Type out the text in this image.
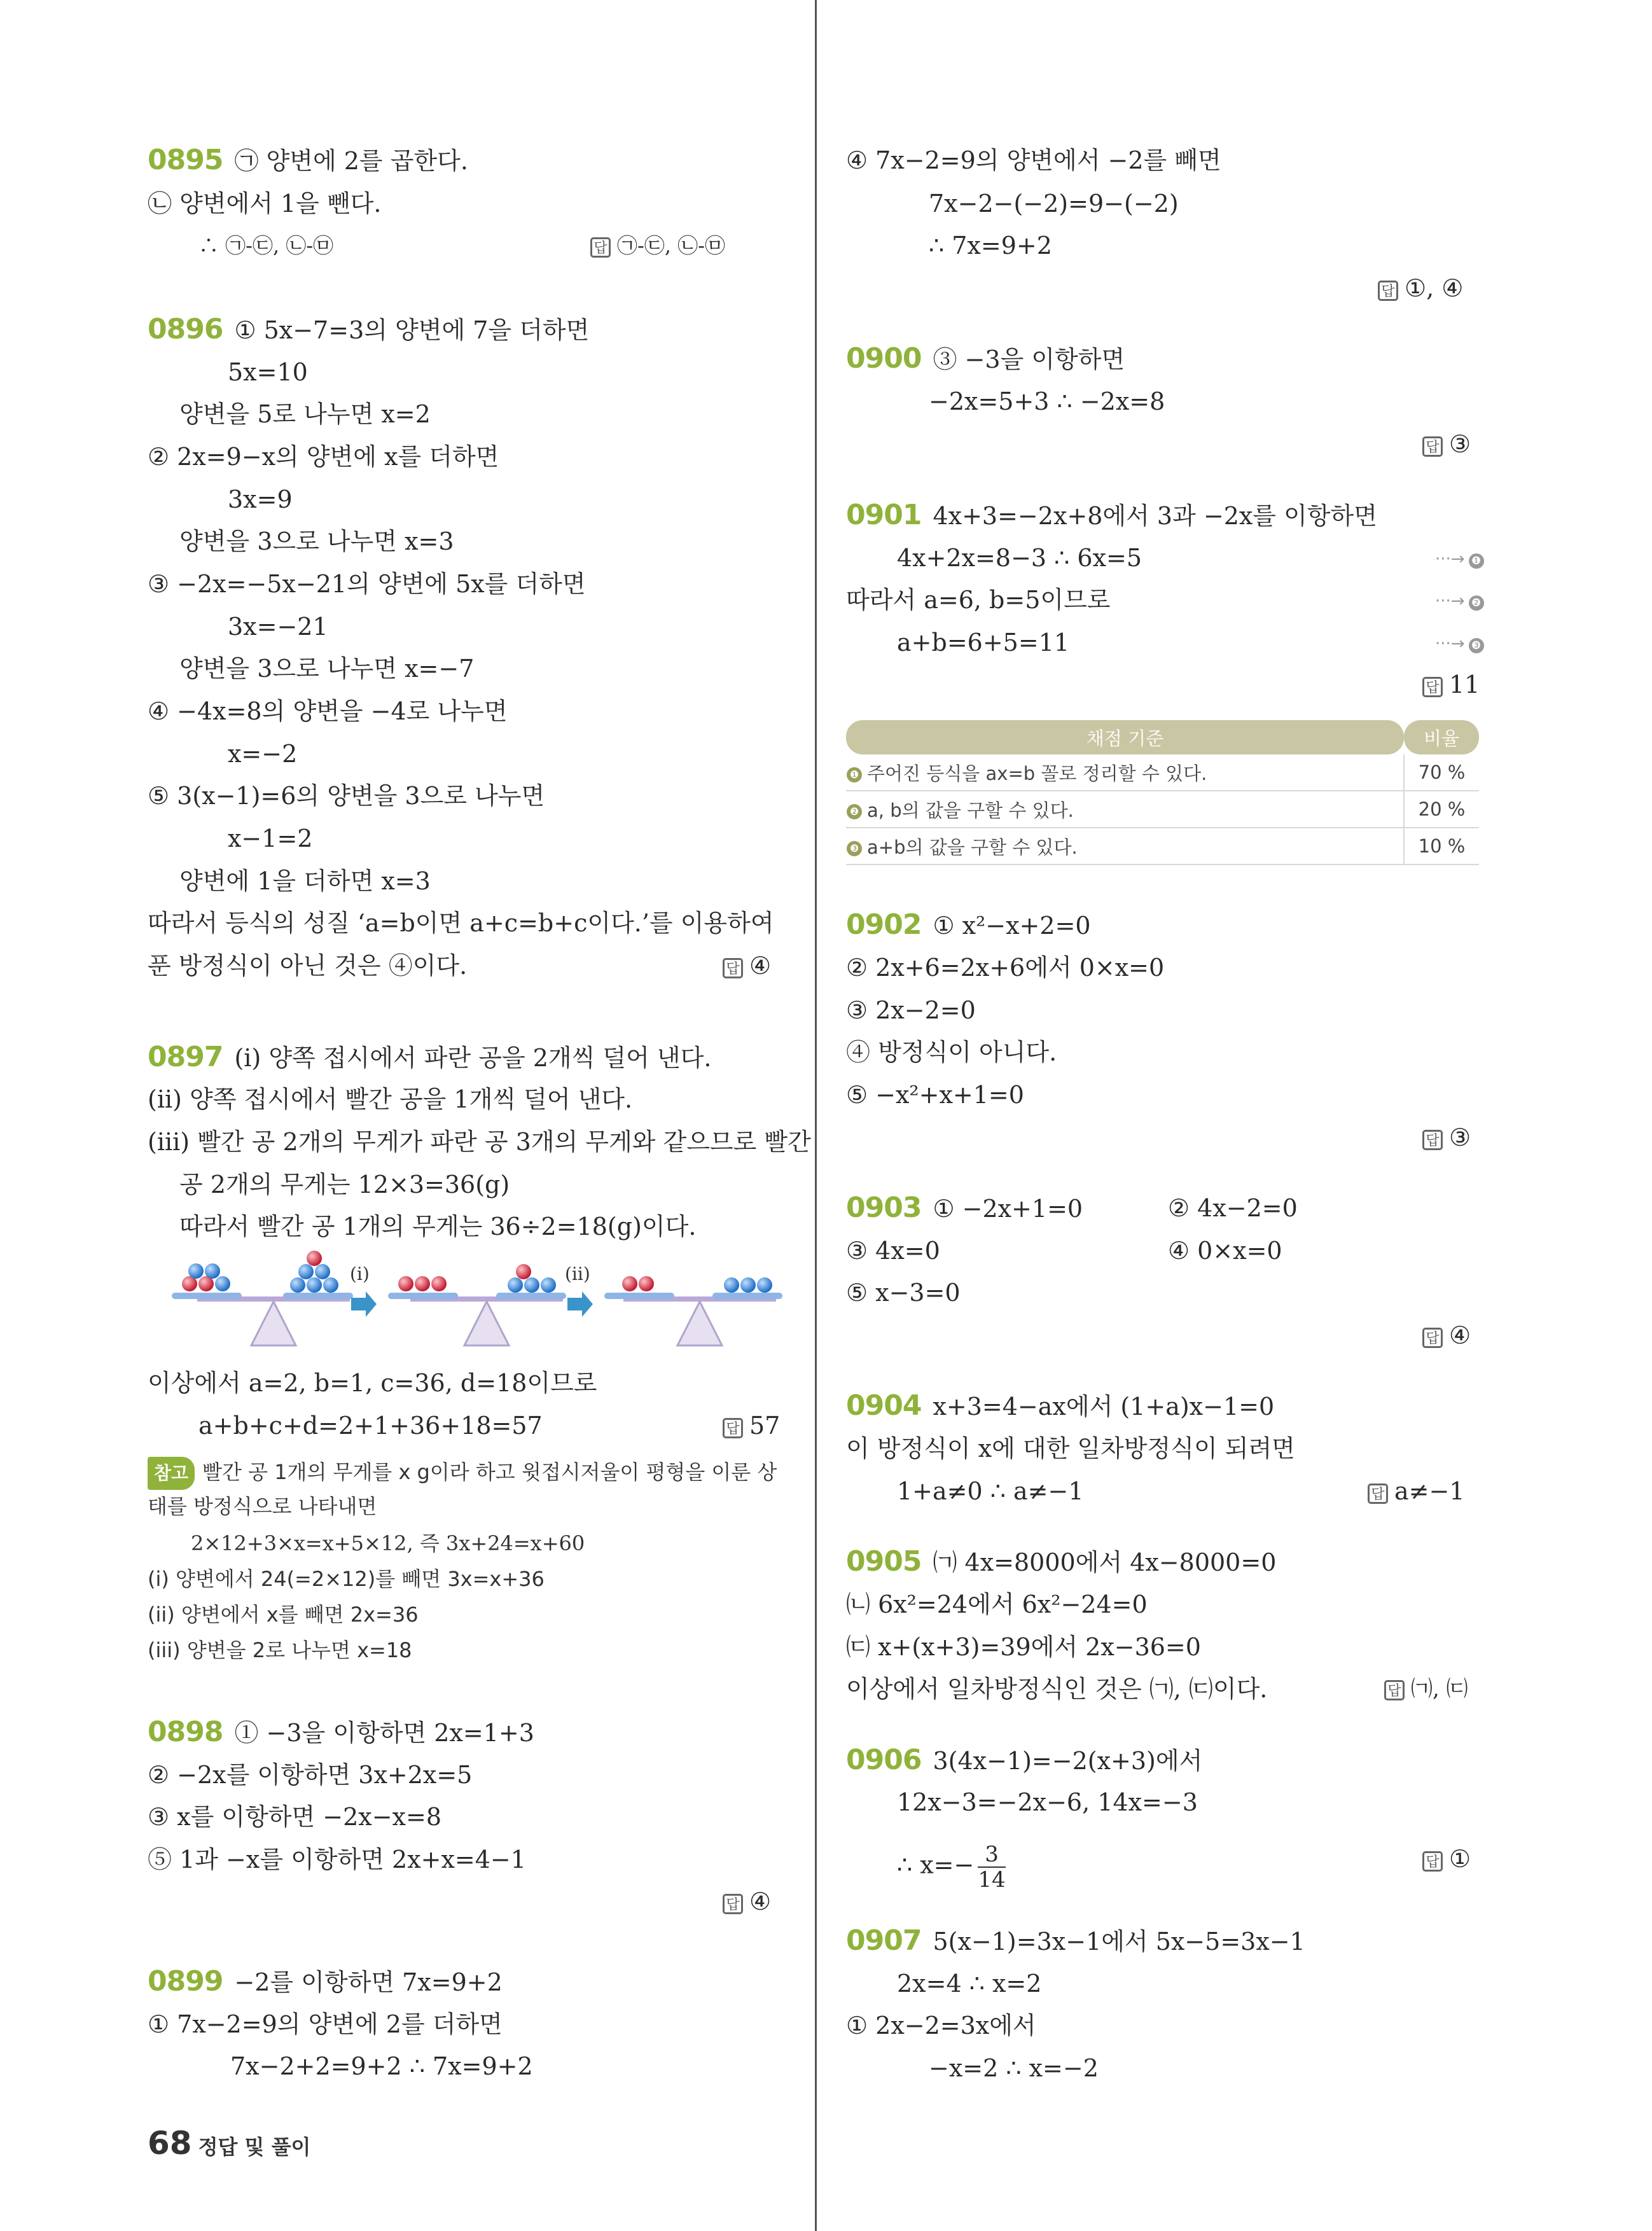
0895 ㉠ 양변에 2를 곱한다.
㉡ 양변에서 1을 뺀다.
∴ ㉠-㉢, ㉡-㉤	답 ㉠-㉢, ㉡-㉤
0896 ① 5x−7=3의 양변에 7을 더하면
5x=10
양변을 5로 나누면 x=2
② 2x=9−x의 양변에 x를 더하면
3x=9
양변을 3으로 나누면 x=3
③ −2x=−5x−21의 양변에 5x를 더하면
3x=−21
양변을 3으로 나누면 x=−7
④ −4x=8의 양변을 −4로 나누면
x=−2
⑤ 3(x−1)=6의 양변을 3으로 나누면
x−1=2
양변에 1을 더하면 x=3
따라서 등식의 성질 ‘a=b이면 a+c=b+c이다.’를 이용하여
푼 방정식이 아닌 것은 ④이다.	답 ④
0897 (i) 양쪽 접시에서 파란 공을 2개씩 덜어 낸다.
(ii) 양쪽 접시에서 빨간 공을 1개씩 덜어 낸다.
(iii) 빨간 공 2개의 무게가 파란 공 3개의 무게와 같으므로 빨간
공 2개의 무게는 12×3=36(g)
따라서 빨간 공 1개의 무게는 36÷2=18(g)이다.
(i)	(ii)
이상에서 a=2, b=1, c=36, d=18이므로
a+b+c+d=2+1+36+18=57	답 57
참고 빨간 공 1개의 무게를 x g이라 하고 윗접시저울이 평형을 이룬 상
태를 방정식으로 나타내면
2×12+3×x=x+5×12, 즉 3x+24=x+60
(i) 양변에서 24(=2×12)를 빼면 3x=x+36
(ii) 양변에서 x를 빼면 2x=36
(iii) 양변을 2로 나누면 x=18
0898 ① −3을 이항하면 2x=1+3
② −2x를 이항하면 3x+2x=5
③ x를 이항하면 −2x−x=8
⑤ 1과 −x를 이항하면 2x+x=4−1
답 ④
0899 −2를 이항하면 7x=9+2
① 7x−2=9의 양변에 2를 더하면
7x−2+2=9+2 ∴ 7x=9+2
68 정답 및 풀이
④ 7x−2=9의 양변에서 −2를 빼면
7x−2−(−2)=9−(−2)
∴ 7x=9+2
답 ①, ④
0900 ③ −3을 이항하면
−2x=5+3 ∴ −2x=8
답 ③
0901 4x+3=−2x+8에서 3과 −2x를 이항하면
4x+2x=8−3 ∴ 6x=5	···→ ❶
따라서 a=6, b=5이므로	···→ ❷
a+b=6+5=11	···→ ❸
답 11
채점 기준	비율
❶ 주어진 등식을 ax=b 꼴로 정리할 수 있다.	70 %
❷ a, b의 값을 구할 수 있다.	20 %
❸ a+b의 값을 구할 수 있다.	10 %
0902 ① x²−x+2=0
② 2x+6=2x+6에서 0×x=0
③ 2x−2=0
④ 방정식이 아니다.
⑤ −x²+x+1=0
답 ③
0903 ① −2x+1=0	② 4x−2=0
③ 4x=0	④ 0×x=0
⑤ x−3=0
답 ④
0904 x+3=4−ax에서 (1+a)x−1=0
이 방정식이 x에 대한 일차방정식이 되려면
1+a≠0 ∴ a≠−1	답 a≠−1
0905 ㈀ 4x=8000에서 4x−8000=0
㈁ 6x²=24에서 6x²−24=0
㈂ x+(x+3)=39에서 2x−36=0
이상에서 일차방정식인 것은 ㈀, ㈂이다.	답 ㈀, ㈂
0906 3(4x−1)=−2(x+3)에서
12x−3=−2x−6, 14x=−3
∴ $x=- \frac{3}{14}$	답 ①
0907 5(x−1)=3x−1에서 5x−5=3x−1
2x=4 ∴ x=2
① 2x−2=3x에서
−x=2 ∴ x=−2
